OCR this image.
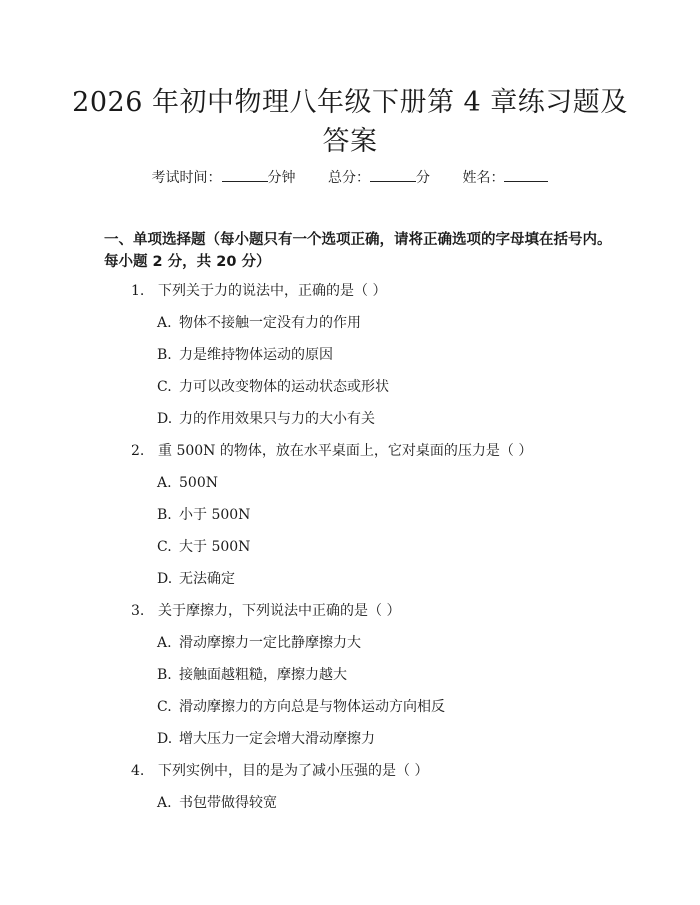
2026 年初中物理八年级下册第 4 章练习题及
答案
考试时间：	分钟 总分：	分 姓名：
一、单项选择题（每小题只有一个选项正确，请将正确选项的字母填在括号内。每小题 2 分，共 20 分）
1. 下列关于力的说法中，正确的是（ ）
A. 物体不接触一定没有力的作用
B. 力是维持物体运动的原因
C. 力可以改变物体的运动状态或形状
D. 力的作用效果只与力的大小有关
2. 重 500N 的物体，放在水平桌面上，它对桌面的压力是（ ）
A. 500N
B. 小于 500N
C. 大于 500N
D. 无法确定
3. 关于摩擦力，下列说法中正确的是（ ）
A. 滑动摩擦力一定比静摩擦力大
B. 接触面越粗糙，摩擦力越大
C. 滑动摩擦力的方向总是与物体运动方向相反
D. 增大压力一定会增大滑动摩擦力
4. 下列实例中，目的是为了减小压强的是（ ）
A. 书包带做得较宽
